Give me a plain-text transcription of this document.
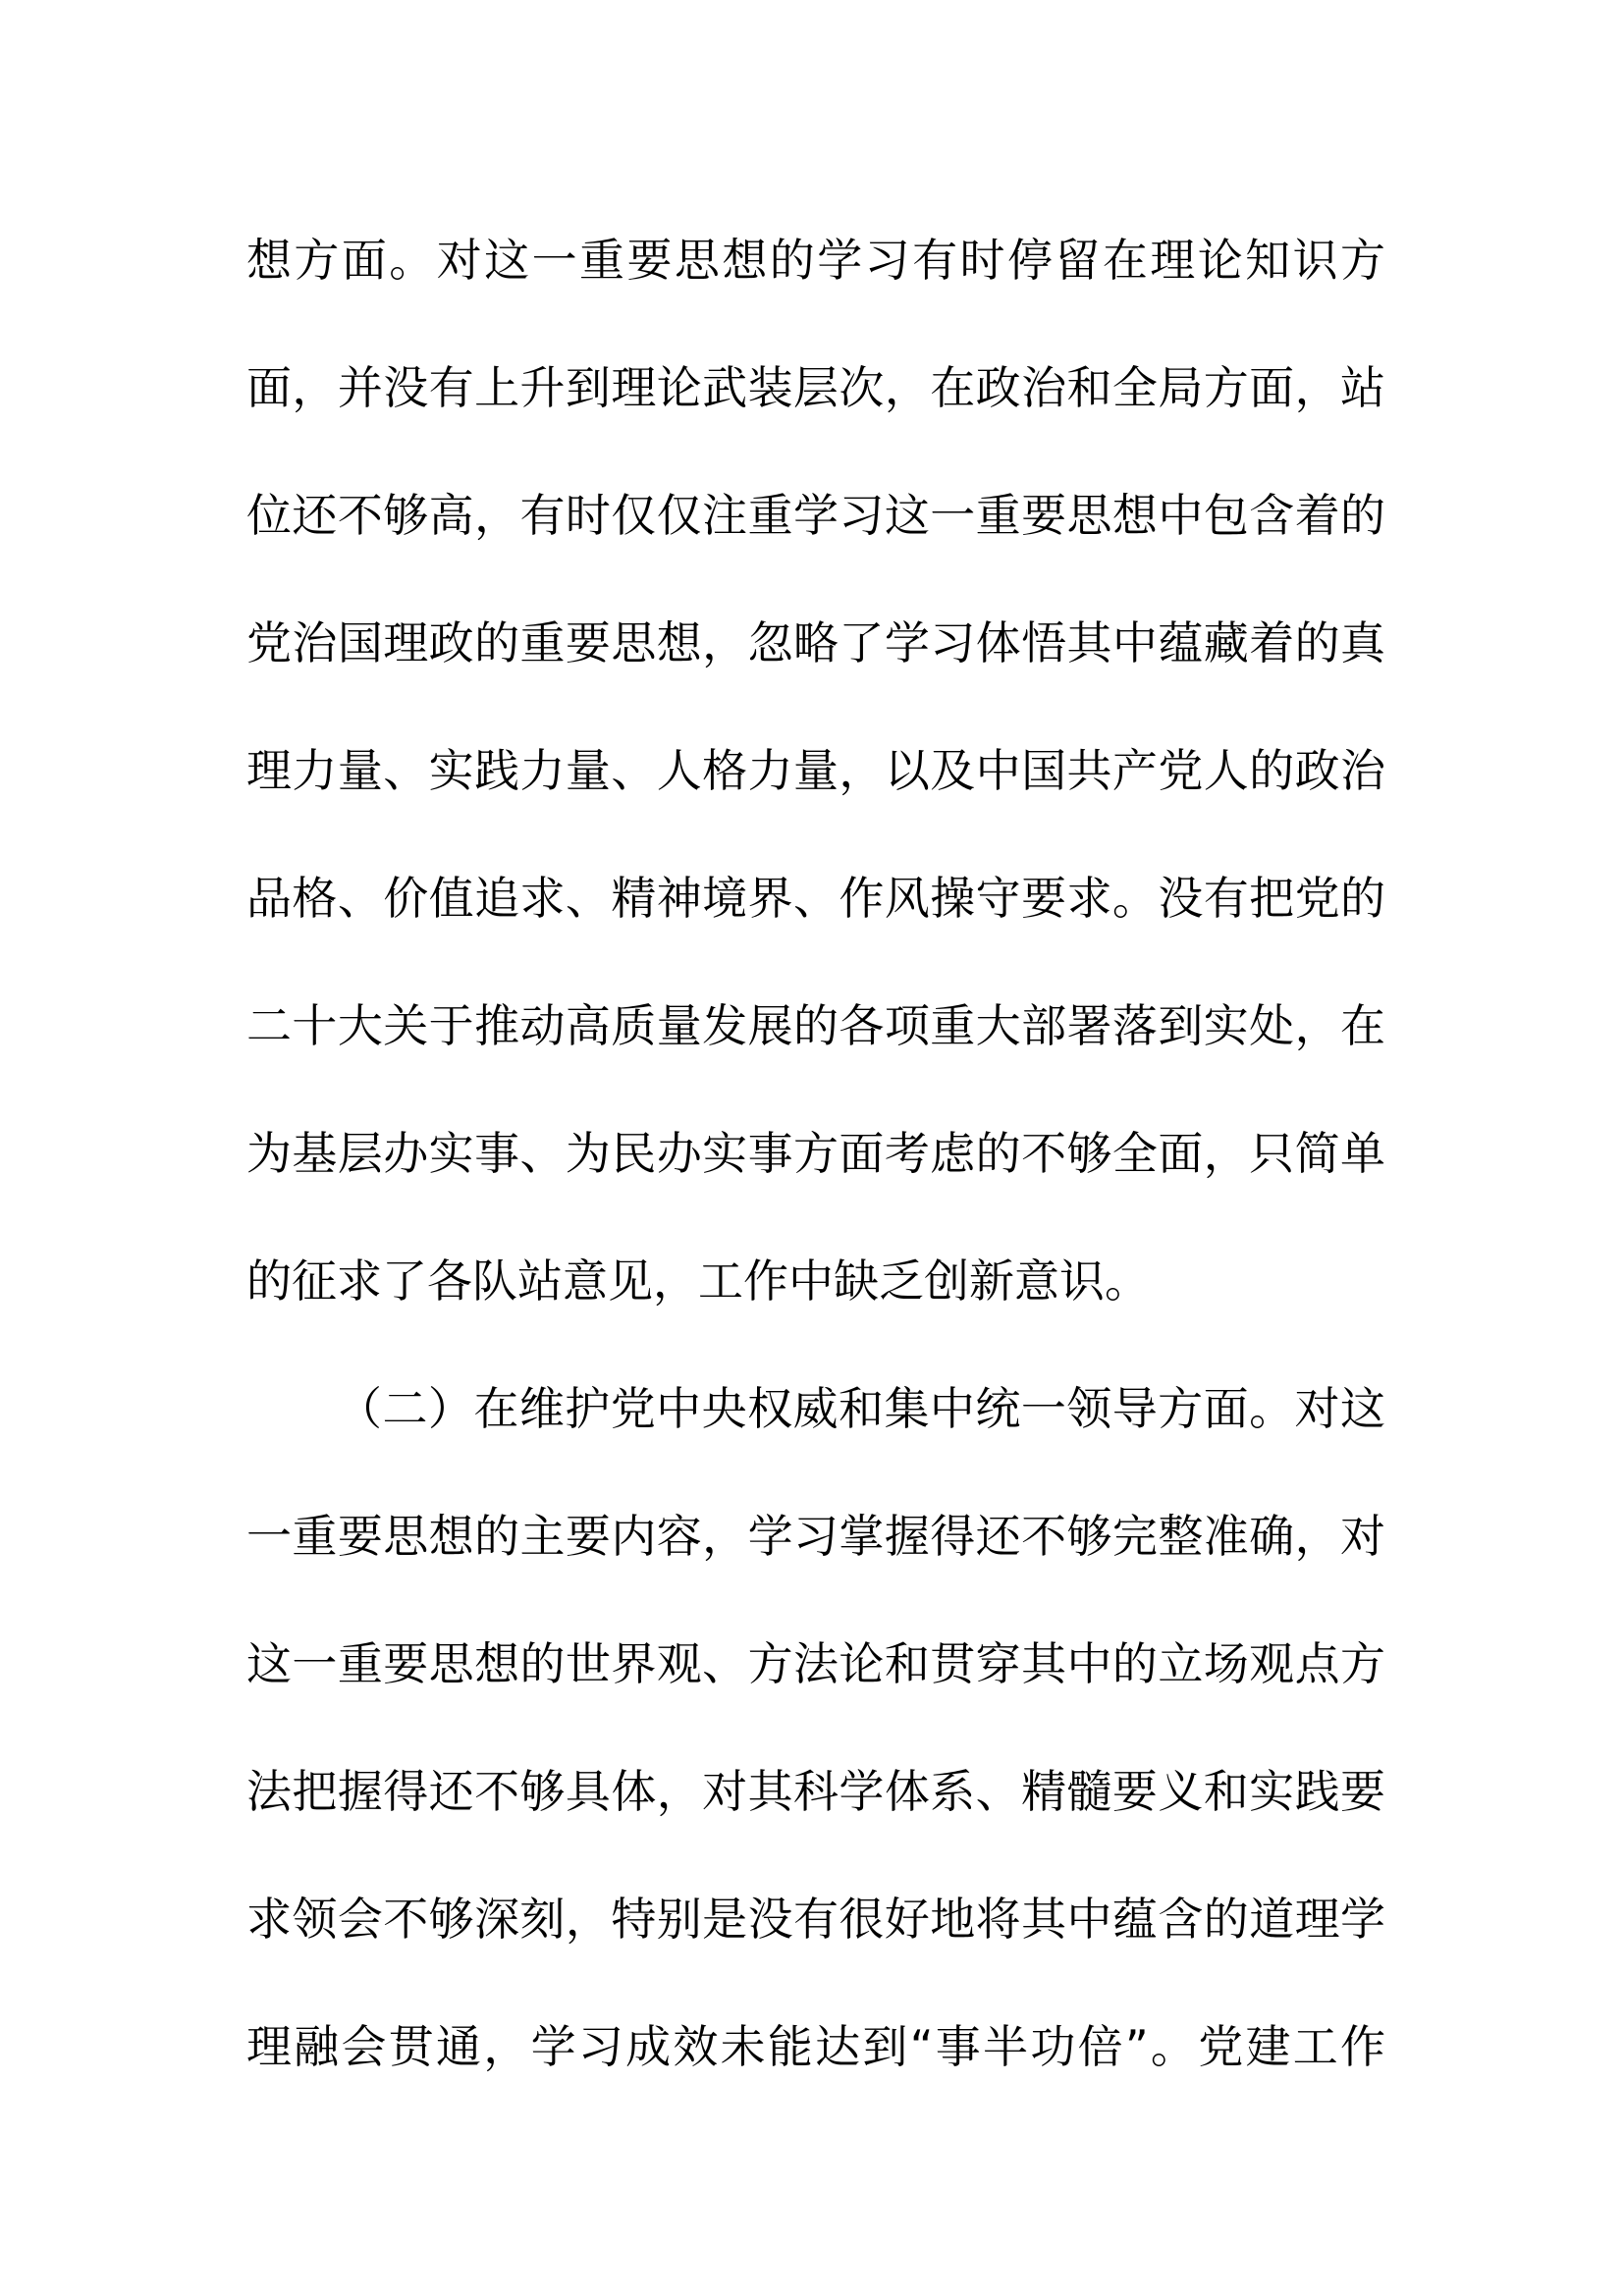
想方面。对这一重要思想的学习有时停留在理论知识方
面，并没有上升到理论武装层次，在政治和全局方面，站
位还不够高，有时仅仅注重学习这一重要思想中包含着的
党治国理政的重要思想，忽略了学习体悟其中蕴藏着的真
理力量、实践力量、人格力量，以及中国共产党人的政治
品格、价值追求、精神境界、作风操守要求。没有把党的
二十大关于推动高质量发展的各项重大部署落到实处，在
为基层办实事、为民办实事方面考虑的不够全面，只简单
的征求了各队站意见，工作中缺乏创新意识。
（二）在维护党中央权威和集中统一领导方面。对这
一重要思想的主要内容，学习掌握得还不够完整准确，对
这一重要思想的世界观、方法论和贯穿其中的立场观点方
法把握得还不够具体，对其科学体系、精髓要义和实践要
求领会不够深刻，特别是没有很好地将其中蕴含的道理学
理融会贯通，学习成效未能达到“事半功倍”。党建工作
